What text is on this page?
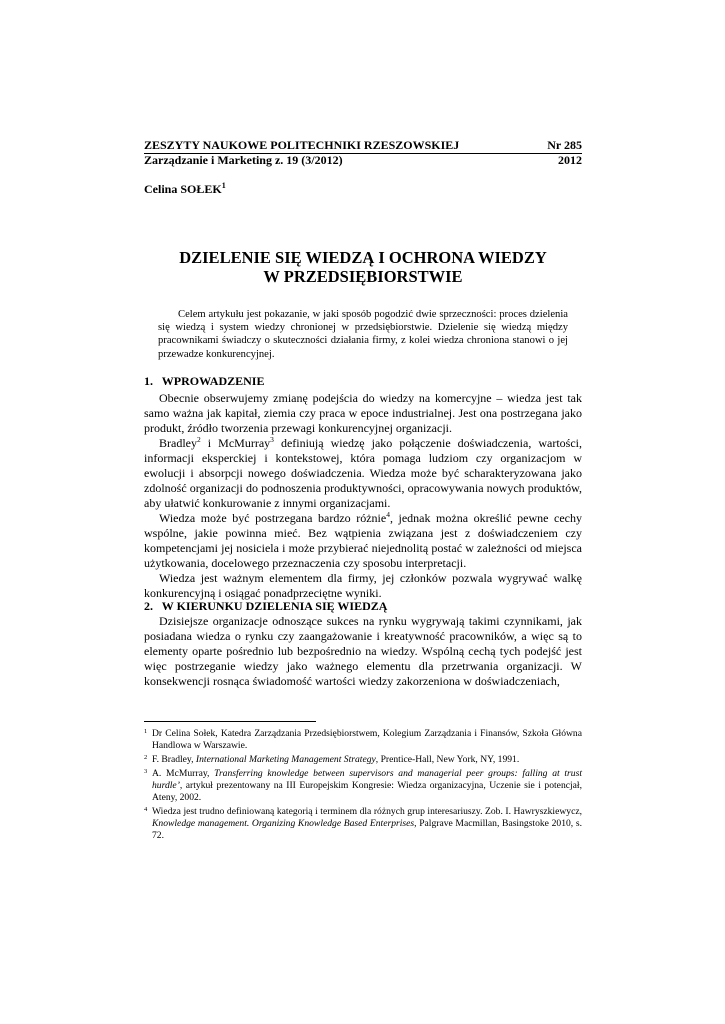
ZESZYTY NAUKOWE POLITECHNIKI RZESZOWSKIEJ	Nr 285
Zarządzanie i Marketing z. 19 (3/2012)	2012
Celina SOŁEK$^1$
DZIELENIE SIĘ WIEDZĄ I OCHRONA WIEDZY
W PRZEDSIĘBIORSTWIE

Celem artykułu jest pokazanie, w jaki sposób pogodzić dwie sprzeczności: proces dzielenia się wiedzą i system wiedzy chronionej w przedsiębiorstwie. Dzielenie się wiedzą między pracownikami świadczy o skuteczności działania firmy, z kolei wiedza chroniona stanowi o jej przewadze konkurencyjnej.

1. WPROWADZENIE

Obecnie obserwujemy zmianę podejścia do wiedzy na komercyjne – wiedza jest tak samo ważna jak kapitał, ziemia czy praca w epoce industrialnej. Jest ona postrzegana jako produkt, źródło tworzenia przewagi konkurencyjnej organizacji.

Bradley$^2$ i McMurray$^3$ definiują wiedzę jako połączenie doświadczenia, wartości, informacji eksperckiej i kontekstowej, która pomaga ludziom czy organizacjom w ewolucji i absorpcji nowego doświadczenia. Wiedza może być scharakteryzowana jako zdolność organizacji do podnoszenia produktywności, opracowywania nowych produktów, aby ułatwić konkurowanie z innymi organizacjami.

Wiedza może być postrzegana bardzo różnie$^4$, jednak można określić pewne cechy wspólne, jakie powinna mieć. Bez wątpienia związana jest z doświadczeniem czy kompetencjami jej nosiciela i może przybierać niejednolitą postać w zależności od miejsca użytkowania, docelowego przeznaczenia czy sposobu interpretacji.

Wiedza jest ważnym elementem dla firmy, jej członków pozwala wygrywać walkę konkurencyjną i osiągać ponadprzeciętne wyniki.

2. W KIERUNKU DZIELENIA SIĘ WIEDZĄ

Dzisiejsze organizacje odnoszące sukces na rynku wygrywają takimi czynnikami, jak posiadana wiedza o rynku czy zaangażowanie i kreatywność pracowników, a więc są to elementy oparte pośrednio lub bezpośrednio na wiedzy. Wspólną cechą tych podejść jest więc postrzeganie wiedzy jako ważnego elementu dla przetrwania organizacji. W konsekwencji rosnąca świadomość wartości wiedzy zakorzeniona w doświadczeniach,

1 Dr Celina Sołek, Katedra Zarządzania Przedsiębiorstwem, Kolegium Zarządzania i Finansów, Szkoła Główna Handlowa w Warszawie.
2 F. Bradley, International Marketing Management Strategy, Prentice-Hall, New York, NY, 1991.
3 A. McMurray, Transferring knowledge between supervisors and managerial peer groups: falling at trust hurdle’, artykuł prezentowany na III Europejskim Kongresie: Wiedza organizacyjna, Uczenie sie i potencjał, Ateny, 2002.
4 Wiedza jest trudno definiowaną kategorią i terminem dla różnych grup interesariuszy. Zob. I. Hawryszkiewycz, Knowledge management. Organizing Knowledge Based Enterprises, Palgrave Macmillan, Basingstoke 2010, s. 72.
